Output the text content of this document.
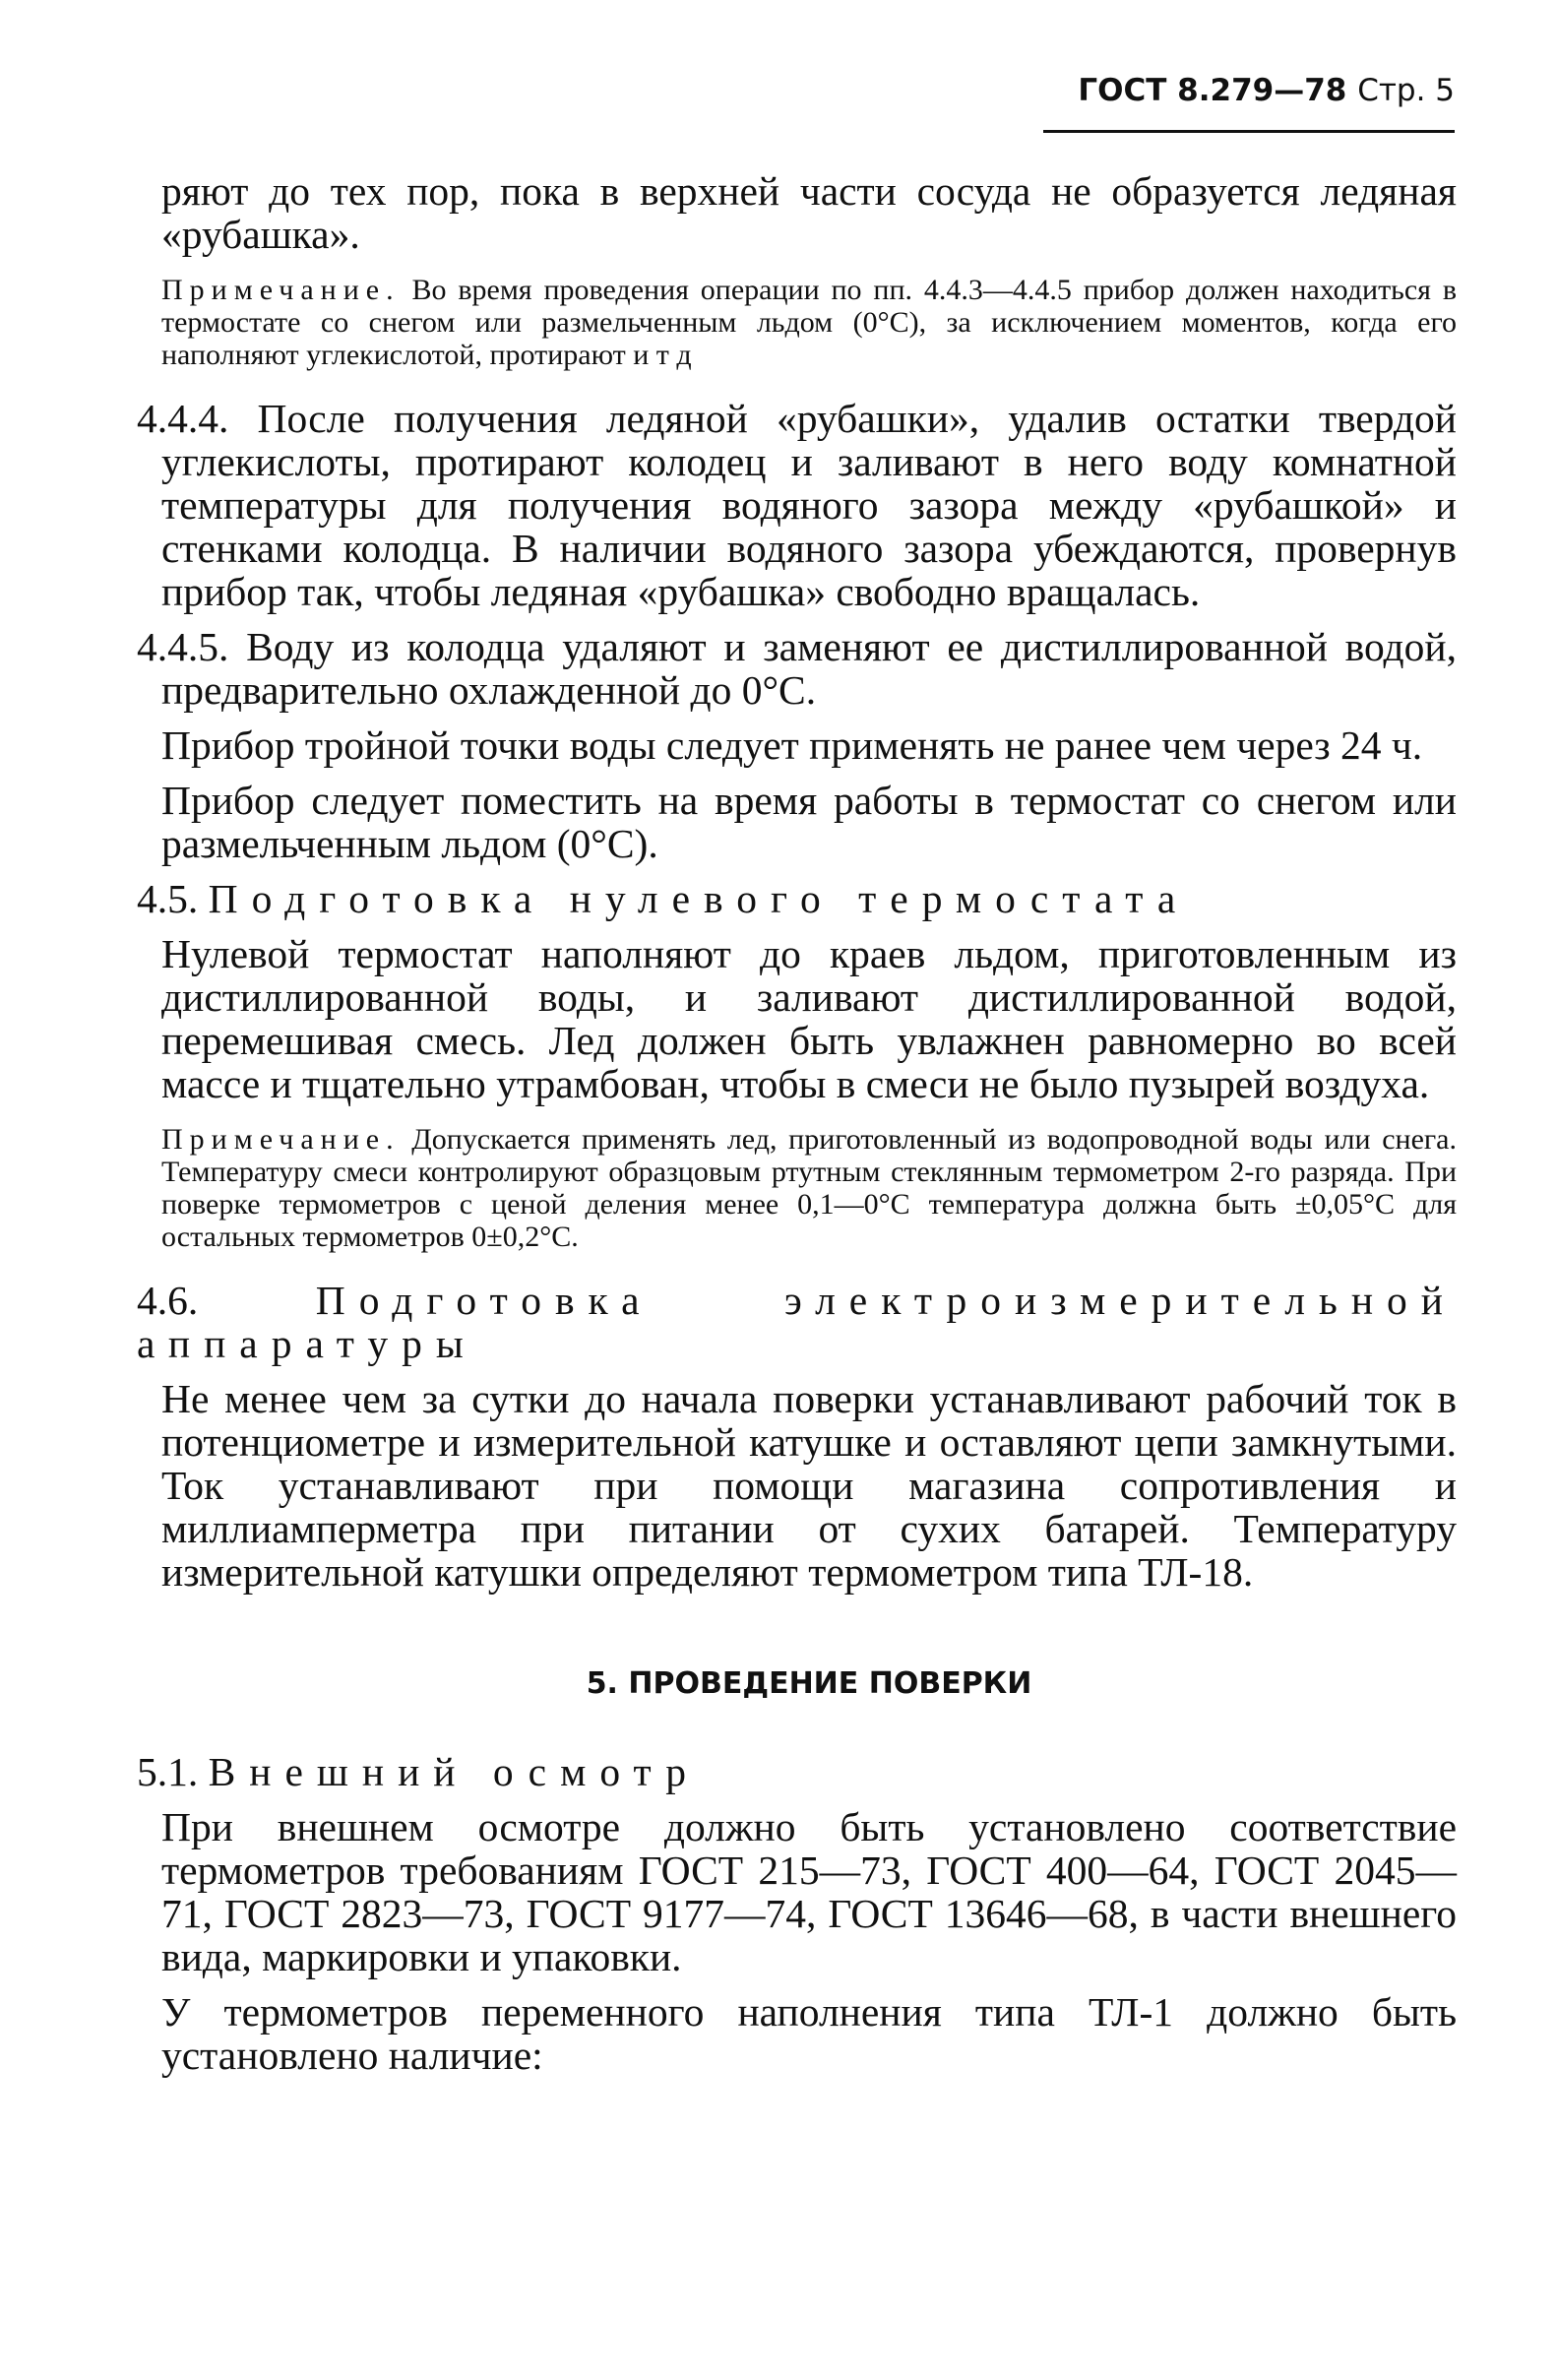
ГОСТ 8.279—78 Стр. 5

ряют до тех пор, пока в верхней части сосуда не образуется ледяная «рубашка».

Примечание. Во время проведения операции по пп. 4.4.3—4.4.5 прибор должен находиться в термостате со снегом или размельченным льдом (0°С), за исключением моментов, когда его наполняют углекислотой, протирают и т д

4.4.4. После получения ледяной «рубашки», удалив остатки твердой углекислоты, протирают колодец и заливают в него воду комнатной температуры для получения водяного зазора между «рубашкой» и стенками колодца. В наличии водяного зазора убеждаются, провернув прибор так, чтобы ледяная «рубашка» свободно вращалась.

4.4.5. Воду из колодца удаляют и заменяют ее дистиллированной водой, предварительно охлажденной до 0°С.

Прибор тройной точки воды следует применять не ранее чем через 24 ч.

Прибор следует поместить на время работы в термостат со снегом или размельченным льдом (0°С).

4.5. Подготовка нулевого термостата

Нулевой термостат наполняют до краев льдом, приготовленным из дистиллированной воды, и заливают дистиллированной водой, перемешивая смесь. Лед должен быть увлажнен равномерно во всей массе и тщательно утрамбован, чтобы в смеси не было пузырей воздуха.

Примечание. Допускается применять лед, приготовленный из водопроводной воды или снега. Температуру смеси контролируют образцовым ртутным стеклянным термометром 2-го разряда. При поверке термометров с ценой деления менее 0,1—0°С температура должна быть ±0,05°С для остальных термометров 0±0,2°С.

4.6.	Подготовка электроизмерительной аппаратуры

Не менее чем за сутки до начала поверки устанавливают рабочий ток в потенциометре и измерительной катушке и оставляют цепи замкнутыми. Ток устанавливают при помощи магазина сопротивления и миллиамперметра при питании от сухих батарей. Температуру измерительной катушки определяют термометром типа ТЛ-18.

5. ПРОВЕДЕНИЕ ПОВЕРКИ

5.1. Внешний осмотр

При внешнем осмотре должно быть установлено соответствие термометров требованиям ГОСТ 215—73, ГОСТ 400—64, ГОСТ 2045—71, ГОСТ 2823—73, ГОСТ 9177—74, ГОСТ 13646—68, в части внешнего вида, маркировки и упаковки.

У термометров переменного наполнения типа ТЛ-1 должно быть установлено наличие:
